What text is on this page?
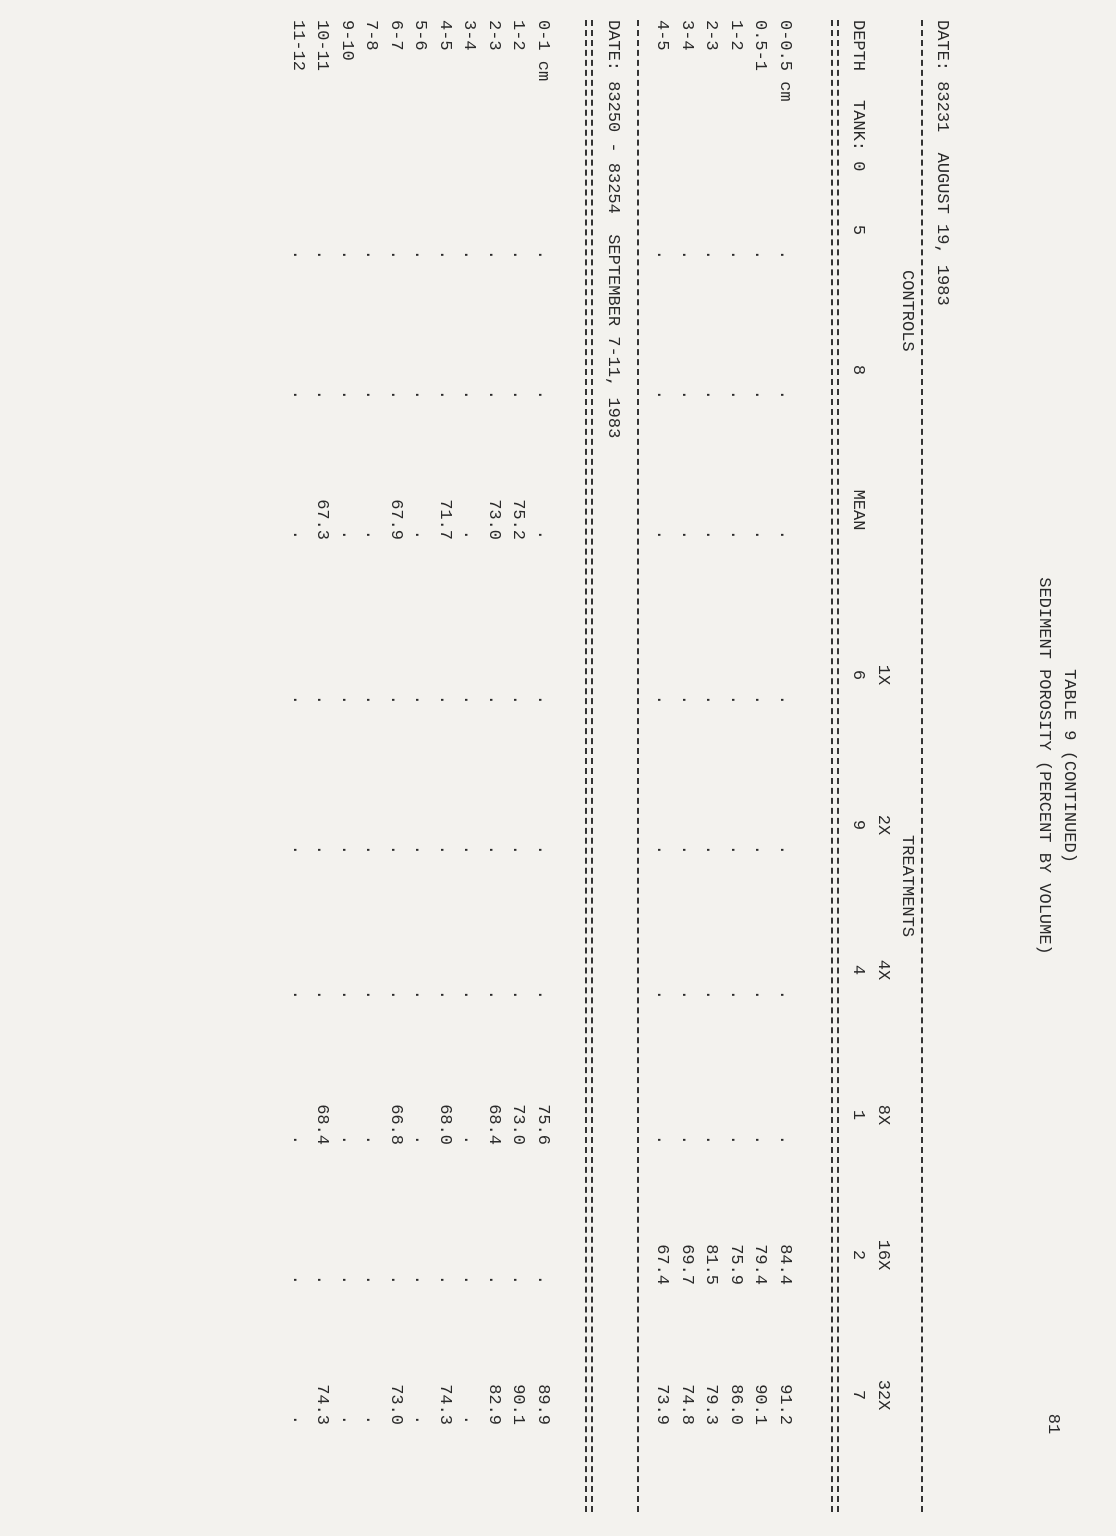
81
TABLE 9 (CONTINUED)
SEDIMENT POROSITY (PERCENT BY VOLUME)
DATE: 83231  AUGUST 19, 1983
CONTROLS
TREATMENTS
1X
2X
4X
8X
16X
32X
DEPTH
TANK: 0
5
8
MEAN
6
9
4
1
2
7
0-0.5 cm
0.5-1
1-2
2-3
3-4
4-5
.
.
.
.
.
.
.
.
.
.
.
.
.
.
.
.
.
.
.
.
.
.
.
.
.
.
.
.
.
.
.
.
.
.
.
.
.
.
.
.
.
.
84.4
79.4
75.9
81.5
69.7
67.4
91.2
90.1
86.0
79.3
74.8
73.9
DATE: 83250 - 83254  SEPTEMBER 7-11, 1983
0-1 cm
1-2
2-3
3-4
4-5
5-6
6-7
7-8
9-10
10-11
11-12
.
.
.
.
.
.
.
.
.
.
.
.
.
.
.
.
.
.
.
.
.
.
.
75.2
73.0
.
71.7
.
67.9
.
.
67.3
.
.
.
.
.
.
.
.
.
.
.
.
.
.
.
.
.
.
.
.
.
.
.
.
.
.
.
.
.
.
.
.
.
.
75.6
73.0
68.4
.
68.0
.
66.8
.
.
68.4
.
.
.
.
.
.
.
.
.
.
.
.
89.9
90.1
82.9
.
74.3
.
73.0
.
.
74.3
.
